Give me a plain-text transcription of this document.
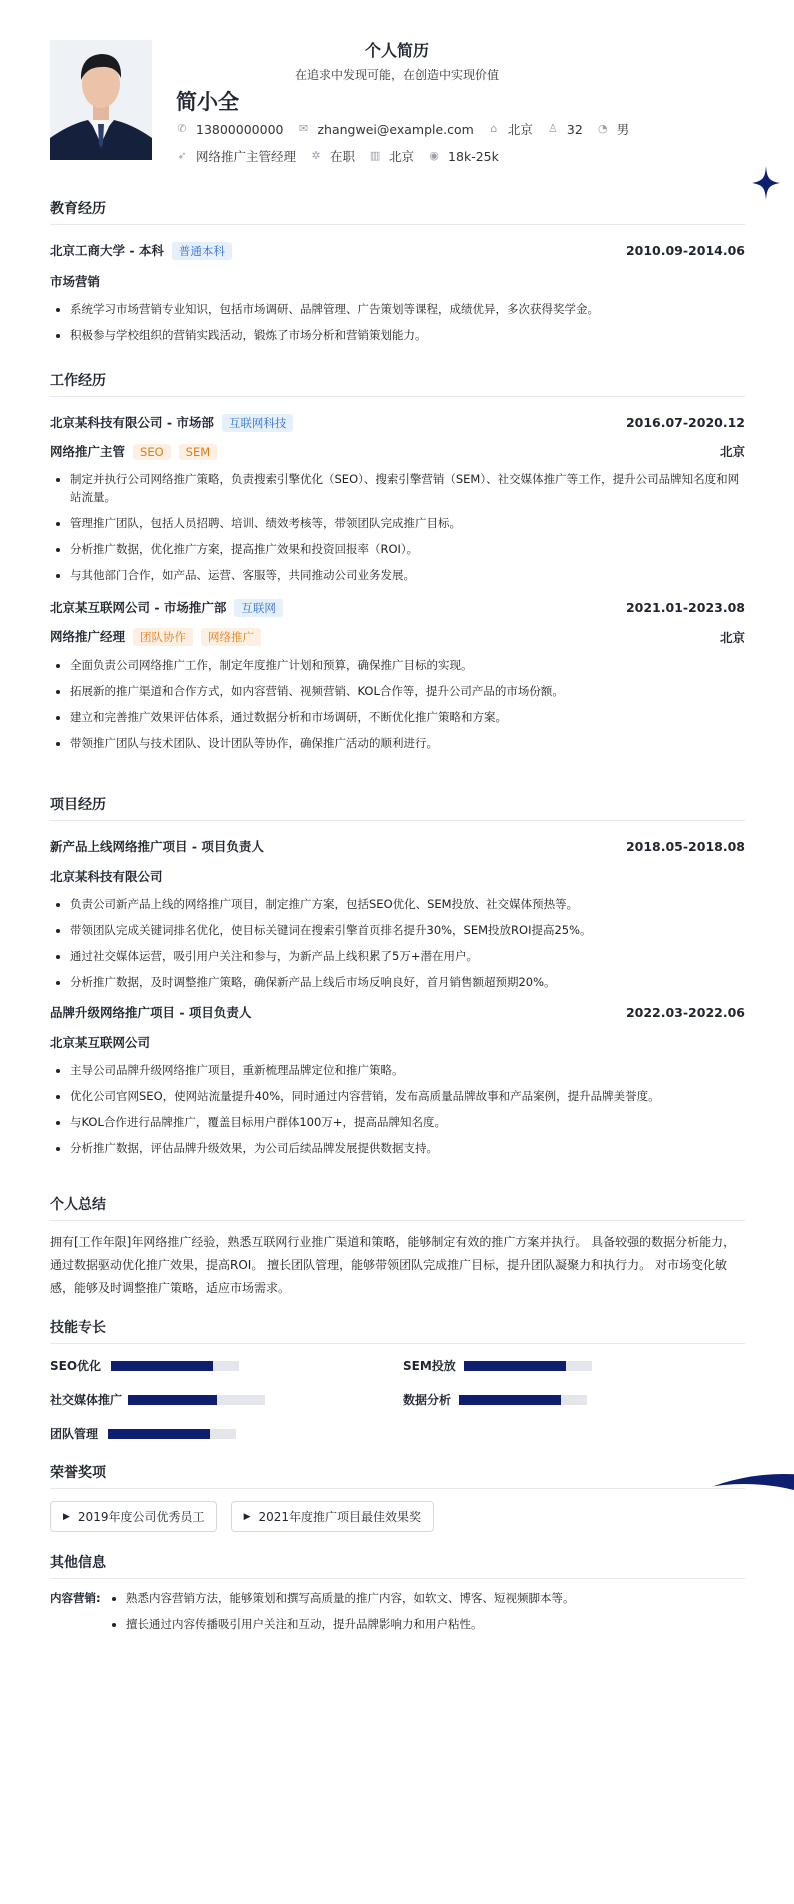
个人简历
在追求中发现可能，在创造中实现价值
简小全
✆ 13800000000 ✉ zhangwei@example.com ⌂ 北京 ♙ 32 ◔ 男
➶ 网络推广主管经理 ✲ 在职 ▥ 北京 ◉ 18k-25k
教育经历
北京工商大学 - 本科 普通本科	2010.09-2014.06
市场营销
• 系统学习市场营销专业知识，包括市场调研、品牌管理、广告策划等课程，成绩优异，多次获得奖学金。
• 积极参与学校组织的营销实践活动，锻炼了市场分析和营销策划能力。
工作经历
北京某科技有限公司 - 市场部 互联网科技	2016.07-2020.12
网络推广主管 SEO SEM	北京
• 制定并执行公司网络推广策略，负责搜索引擎优化（SEO）、搜索引擎营销（SEM）、社交媒体推广等工作，提升公司品牌知名度和网站流量。
• 管理推广团队，包括人员招聘、培训、绩效考核等，带领团队完成推广目标。
• 分析推广数据，优化推广方案，提高推广效果和投资回报率（ROI）。
• 与其他部门合作，如产品、运营、客服等，共同推动公司业务发展。
北京某互联网公司 - 市场推广部 互联网	2021.01-2023.08
网络推广经理 团队协作 网络推广	北京
• 全面负责公司网络推广工作，制定年度推广计划和预算，确保推广目标的实现。
• 拓展新的推广渠道和合作方式，如内容营销、视频营销、KOL合作等，提升公司产品的市场份额。
• 建立和完善推广效果评估体系，通过数据分析和市场调研，不断优化推广策略和方案。
• 带领推广团队与技术团队、设计团队等协作，确保推广活动的顺利进行。
项目经历
新产品上线网络推广项目 - 项目负责人	2018.05-2018.08
北京某科技有限公司
• 负责公司新产品上线的网络推广项目，制定推广方案，包括SEO优化、SEM投放、社交媒体预热等。
• 带领团队完成关键词排名优化，使目标关键词在搜索引擎首页排名提升30%，SEM投放ROI提高25%。
• 通过社交媒体运营，吸引用户关注和参与，为新产品上线积累了5万+潜在用户。
• 分析推广数据，及时调整推广策略，确保新产品上线后市场反响良好，首月销售额超预期20%。
品牌升级网络推广项目 - 项目负责人	2022.03-2022.06
北京某互联网公司
• 主导公司品牌升级网络推广项目，重新梳理品牌定位和推广策略。
• 优化公司官网SEO，使网站流量提升40%，同时通过内容营销，发布高质量品牌故事和产品案例，提升品牌美誉度。
• 与KOL合作进行品牌推广，覆盖目标用户群体100万+，提高品牌知名度。
• 分析推广数据，评估品牌升级效果，为公司后续品牌发展提供数据支持。
个人总结
拥有[工作年限]年网络推广经验，熟悉互联网行业推广渠道和策略，能够制定有效的推广方案并执行。 具备较强的数据分析能力，通过数据驱动优化推广效果，提高ROI。 擅长团队管理，能够带领团队完成推广目标，提升团队凝聚力和执行力。 对市场变化敏感，能够及时调整推广策略，适应市场需求。
技能专长
SEO优化	SEM投放
社交媒体推广	数据分析
团队管理
荣誉奖项
▶ 2019年度公司优秀员工
	▶ 2021年度推广项目最佳效果奖
其他信息
内容营销:
•	熟悉内容营销方法，能够策划和撰写高质量的推广内容，如软文、博客、短视频脚本等。
• 擅长通过内容传播吸引用户关注和互动，提升品牌影响力和用户粘性。
